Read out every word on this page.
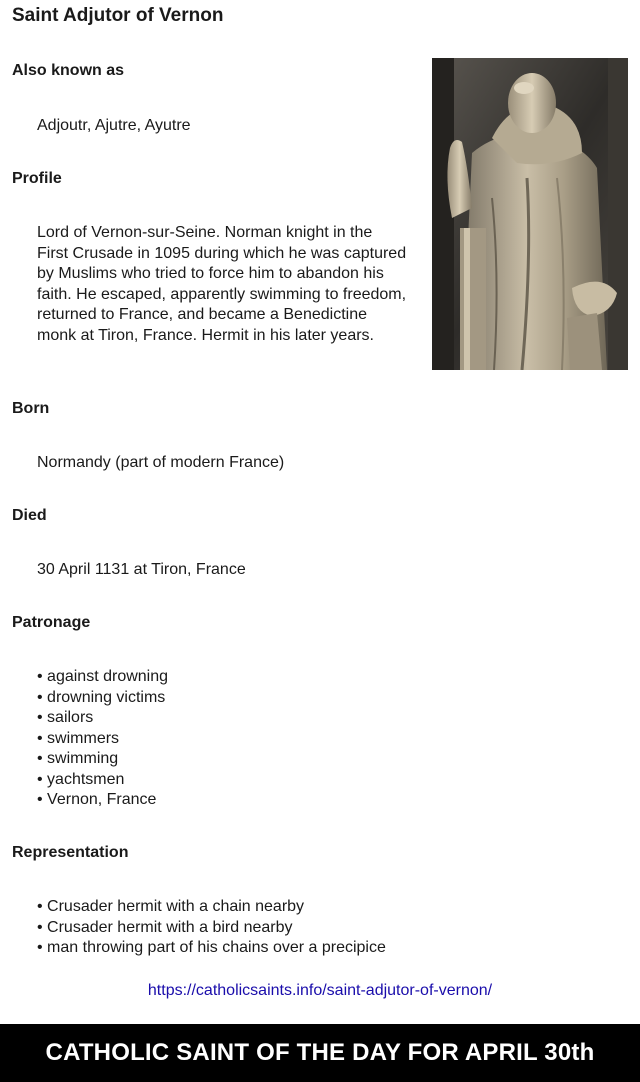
Saint Adjutor of Vernon
Also known as

Adjoutr, Ajutre, Ayutre

Profile

Lord of Vernon-sur-Seine. Norman knight in the First Crusade in 1095 during which he was captured by Muslims who tried to force him to abandon his faith. He escaped, apparently swimming to freedom, returned to France, and became a Benedictine monk at Tiron, France. Hermit in his later years.

Born

Normandy (part of modern France)

Died

30 April 1131 at Tiron, France

Patronage
• against drowning
• drowning victims
• sailors
• swimmers
• swimming
• yachtsmen
• Vernon, France
Representation
• Crusader hermit with a chain nearby
• Crusader hermit with a bird nearby
• man throwing part of his chains over a precipice
https://catholicsaints.info/saint-adjutor-of-vernon/
CATHOLIC SAINT OF THE DAY FOR APRIL 30th
